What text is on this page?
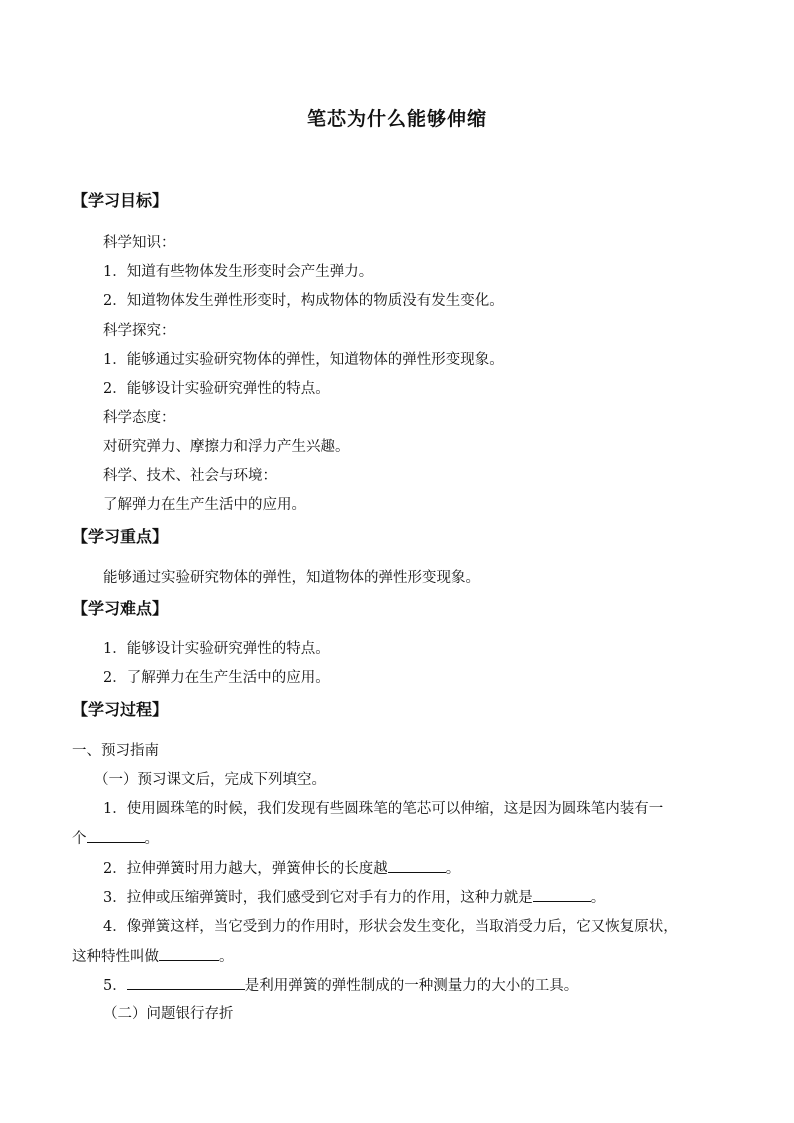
笔芯为什么能够伸缩
【学习目标】
科学知识：
1．知道有些物体发生形变时会产生弹力。
2．知道物体发生弹性形变时，构成物体的物质没有发生变化。
科学探究：
1．能够通过实验研究物体的弹性，知道物体的弹性形变现象。
2．能够设计实验研究弹性的特点。
科学态度：
对研究弹力、摩擦力和浮力产生兴趣。
科学、技术、社会与环境：
了解弹力在生产生活中的应用。
【学习重点】
能够通过实验研究物体的弹性，知道物体的弹性形变现象。
【学习难点】
1．能够设计实验研究弹性的特点。
2．了解弹力在生产生活中的应用。
【学习过程】
一、预习指南
（一）预习课文后，完成下列填空。
1．使用圆珠笔的时候，我们发现有些圆珠笔的笔芯可以伸缩，这是因为圆珠笔内装有一
个	。
2．拉伸弹簧时用力越大，弹簧伸长的长度越	。
3．拉伸或压缩弹簧时，我们感受到它对手有力的作用，这种力就是	。
4．像弹簧这样，当它受到力的作用时，形状会发生变化，当取消受力后，它又恢复原状，
这种特性叫做	。
5．	是利用弹簧的弹性制成的一种测量力的大小的工具。
（二）问题银行存折
